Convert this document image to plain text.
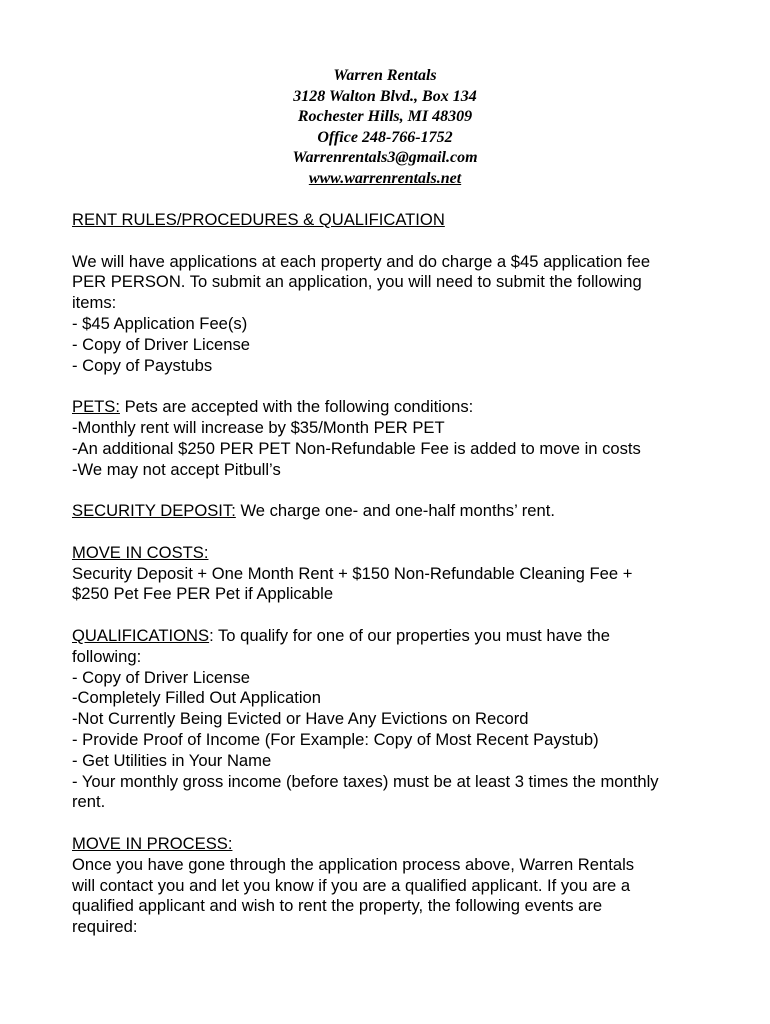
Warren Rentals
3128 Walton Blvd., Box 134
Rochester Hills, MI 48309
Office 248-766-1752
Warrenrentals3@gmail.com
www.warrenrentals.net

RENT RULES/PROCEDURES & QUALIFICATION

We will have applications at each property and do charge a $45 application fee

PER PERSON. To submit an application, you will need to submit the following

items:

- $45 Application Fee(s)

- Copy of Driver License

- Copy of Paystubs

PETS: Pets are accepted with the following conditions:

-Monthly rent will increase by $35/Month PER PET

-An additional $250 PER PET Non-Refundable Fee is added to move in costs

-We may not accept Pitbull’s

SECURITY DEPOSIT: We charge one- and one-half months’ rent.

MOVE IN COSTS:

Security Deposit + One Month Rent + $150 Non-Refundable Cleaning Fee +

$250 Pet Fee PER Pet if Applicable

QUALIFICATIONS: To qualify for one of our properties you must have the

following:

- Copy of Driver License

-Completely Filled Out Application

-Not Currently Being Evicted or Have Any Evictions on Record

- Provide Proof of Income (For Example: Copy of Most Recent Paystub)

- Get Utilities in Your Name

- Your monthly gross income (before taxes) must be at least 3 times the monthly

rent.

MOVE IN PROCESS:

Once you have gone through the application process above, Warren Rentals

will contact you and let you know if you are a qualified applicant. If you are a

qualified applicant and wish to rent the property, the following events are

required:
